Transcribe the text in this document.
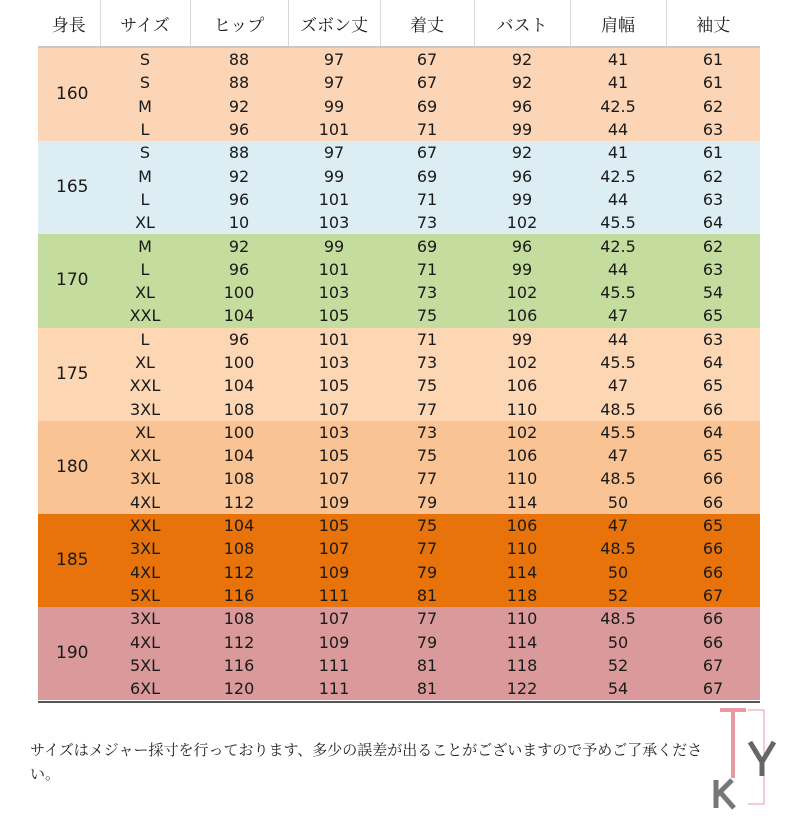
身長	サイズ	ヒップ	ズボン丈	着丈	バスト	肩幅	袖丈
160	S	88	97	67	92	41	61
	S	88	97	67	92	41	61
	M	92	99	69	96	42.5	62
	L	96	101	71	99	44	63
165	S	88	97	67	92	41	61
	M	92	99	69	96	42.5	62
	L	96	101	71	99	44	63
	XL	10	103	73	102	45.5	64
170	M	92	99	69	96	42.5	62
	L	96	101	71	99	44	63
	XL	100	103	73	102	45.5	54
	XXL	104	105	75	106	47	65
175	L	96	101	71	99	44	63
	XL	100	103	73	102	45.5	64
	XXL	104	105	75	106	47	65
	3XL	108	107	77	110	48.5	66
180	XL	100	103	73	102	45.5	64
	XXL	104	105	75	106	47	65
	3XL	108	107	77	110	48.5	66
	4XL	112	109	79	114	50	66
185	XXL	104	105	75	106	47	65
	3XL	108	107	77	110	48.5	66
	4XL	112	109	79	114	50	66
	5XL	116	111	81	118	52	67
190	3XL	108	107	77	110	48.5	66
	4XL	112	109	79	114	50	66
	5XL	116	111	81	118	52	67
	6XL	120	111	81	122	54	67
サイズはメジャー採寸を行っております、多少の誤差が出ることがございますので予めご了承ください。
